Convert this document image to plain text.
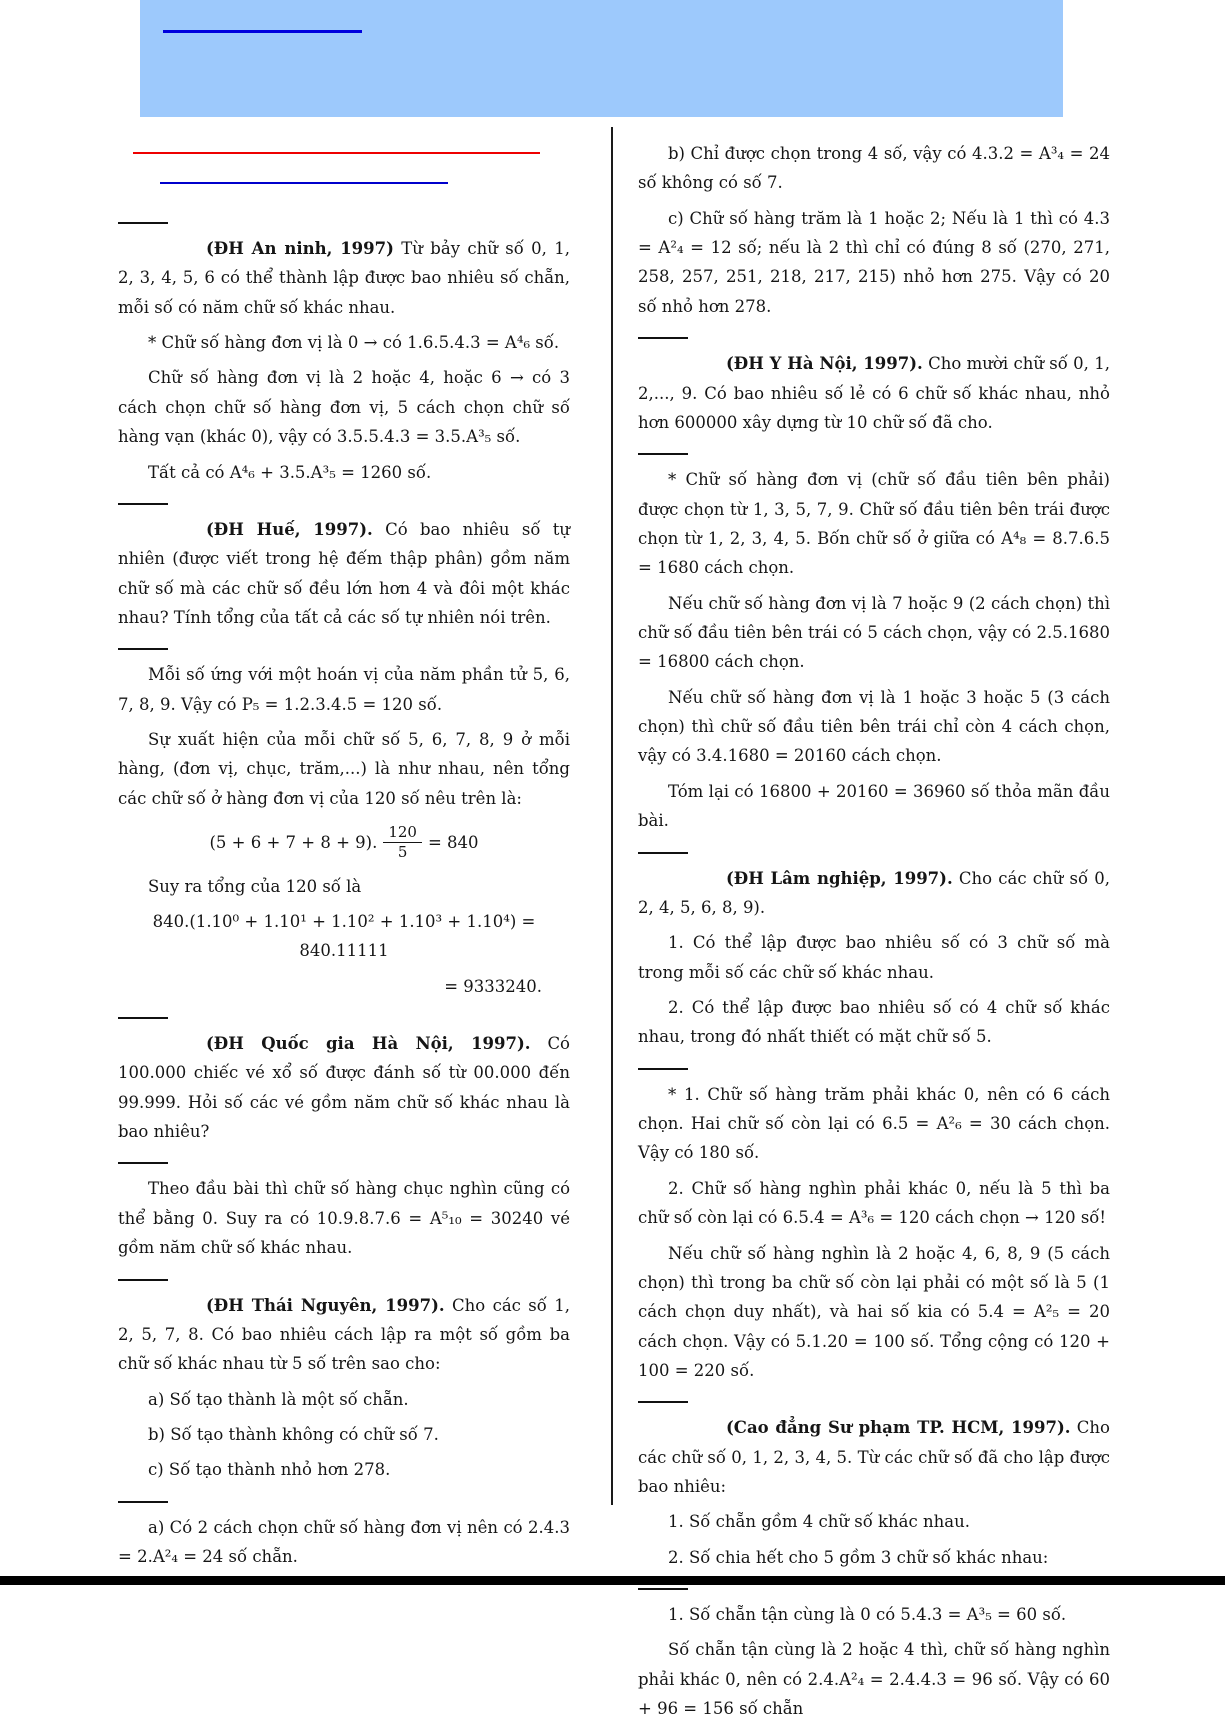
(ĐH An ninh, 1997) Từ bảy chữ số 0, 1, 2, 3, 4, 5, 6 có thể thành lập được bao nhiêu số chẵn, mỗi số có năm chữ số khác nhau.

* Chữ số hàng đơn vị là 0 → có 1.6.5.4.3 = A⁴₆ số.

Chữ số hàng đơn vị là 2 hoặc 4, hoặc 6 → có 3 cách chọn chữ số hàng đơn vị, 5 cách chọn chữ số hàng vạn (khác 0), vậy có 3.5.5.4.3 = 3.5.A³₅ số.

Tất cả có A⁴₆ + 3.5.A³₅ = 1260 số.

(ĐH Huế, 1997). Có bao nhiêu số tự nhiên (được viết trong hệ đếm thập phân) gồm năm chữ số mà các chữ số đều lớn hơn 4 và đôi một khác nhau? Tính tổng của tất cả các số tự nhiên nói trên.

Mỗi số ứng với một hoán vị của năm phần tử 5, 6, 7, 8, 9. Vậy có P₅ = 1.2.3.4.5 = 120 số.

Sự xuất hiện của mỗi chữ số 5, 6, 7, 8, 9 ở mỗi hàng, (đơn vị, chục, trăm,...) là như nhau, nên tổng các chữ số ở hàng đơn vị của 120 số nêu trên là:

(5 + 6 + 7 + 8 + 9). $\frac{120}{5} = 840$

Suy ra tổng của 120 số là

840.(1.10⁰ + 1.10¹ + 1.10² + 1.10³ + 1.10⁴) = 840.11111

= 9333240.

(ĐH Quốc gia Hà Nội, 1997). Có 100.000 chiếc vé xổ số được đánh số từ 00.000 đến 99.999. Hỏi số các vé gồm năm chữ số khác nhau là bao nhiêu?

Theo đầu bài thì chữ số hàng chục nghìn cũng có thể bằng 0. Suy ra có 10.9.8.7.6 = A⁵₁₀ = 30240 vé gồm năm chữ số khác nhau.

(ĐH Thái Nguyên, 1997). Cho các số 1, 2, 5, 7, 8. Có bao nhiêu cách lập ra một số gồm ba chữ số khác nhau từ 5 số trên sao cho:

a) Số tạo thành là một số chẵn.

b) Số tạo thành không có chữ số 7.

c) Số tạo thành nhỏ hơn 278.

a) Có 2 cách chọn chữ số hàng đơn vị nên có 2.4.3 = 2.A²₄ = 24 số chẵn.

b) Chỉ được chọn trong 4 số, vậy có 4.3.2 = A³₄ = 24 số không có số 7.

c) Chữ số hàng trăm là 1 hoặc 2; Nếu là 1 thì có 4.3 = A²₄ = 12 số; nếu là 2 thì chỉ có đúng 8 số (270, 271, 258, 257, 251, 218, 217, 215) nhỏ hơn 275. Vậy có 20 số nhỏ hơn 278.

(ĐH Y Hà Nội, 1997). Cho mười chữ số 0, 1, 2,..., 9. Có bao nhiêu số lẻ có 6 chữ số khác nhau, nhỏ hơn 600000 xây dựng từ 10 chữ số đã cho.

* Chữ số hàng đơn vị (chữ số đầu tiên bên phải) được chọn từ 1, 3, 5, 7, 9. Chữ số đầu tiên bên trái được chọn từ 1, 2, 3, 4, 5. Bốn chữ số ở giữa có A⁴₈ = 8.7.6.5 = 1680 cách chọn.

Nếu chữ số hàng đơn vị là 7 hoặc 9 (2 cách chọn) thì chữ số đầu tiên bên trái có 5 cách chọn, vậy có 2.5.1680 = 16800 cách chọn.

Nếu chữ số hàng đơn vị là 1 hoặc 3 hoặc 5 (3 cách chọn) thì chữ số đầu tiên bên trái chỉ còn 4 cách chọn, vậy có 3.4.1680 = 20160 cách chọn.

Tóm lại có 16800 + 20160 = 36960 số thỏa mãn đầu bài.

(ĐH Lâm nghiệp, 1997). Cho các chữ số 0, 2, 4, 5, 6, 8, 9).

1. Có thể lập được bao nhiêu số có 3 chữ số mà trong mỗi số các chữ số khác nhau.

2. Có thể lập được bao nhiêu số có 4 chữ số khác nhau, trong đó nhất thiết có mặt chữ số 5.

* 1. Chữ số hàng trăm phải khác 0, nên có 6 cách chọn. Hai chữ số còn lại có 6.5 = A²₆ = 30 cách chọn. Vậy có 180 số.

2. Chữ số hàng nghìn phải khác 0, nếu là 5 thì ba chữ số còn lại có 6.5.4 = A³₆ = 120 cách chọn → 120 số!

Nếu chữ số hàng nghìn là 2 hoặc 4, 6, 8, 9 (5 cách chọn) thì trong ba chữ số còn lại phải có một số là 5 (1 cách chọn duy nhất), và hai số kia có 5.4 = A²₅ = 20 cách chọn. Vậy có 5.1.20 = 100 số. Tổng cộng có 120 + 100 = 220 số.

(Cao đẳng Sư phạm TP. HCM, 1997). Cho các chữ số 0, 1, 2, 3, 4, 5. Từ các chữ số đã cho lập được bao nhiêu:

1. Số chẵn gồm 4 chữ số khác nhau.

2. Số chia hết cho 5 gồm 3 chữ số khác nhau:

1. Số chẵn tận cùng là 0 có 5.4.3 = A³₅ = 60 số.

Số chẵn tận cùng là 2 hoặc 4 thì, chữ số hàng nghìn phải khác 0, nên có 2.4.A²₄ = 2.4.4.3 = 96 số. Vậy có 60 + 96 = 156 số chẵn
